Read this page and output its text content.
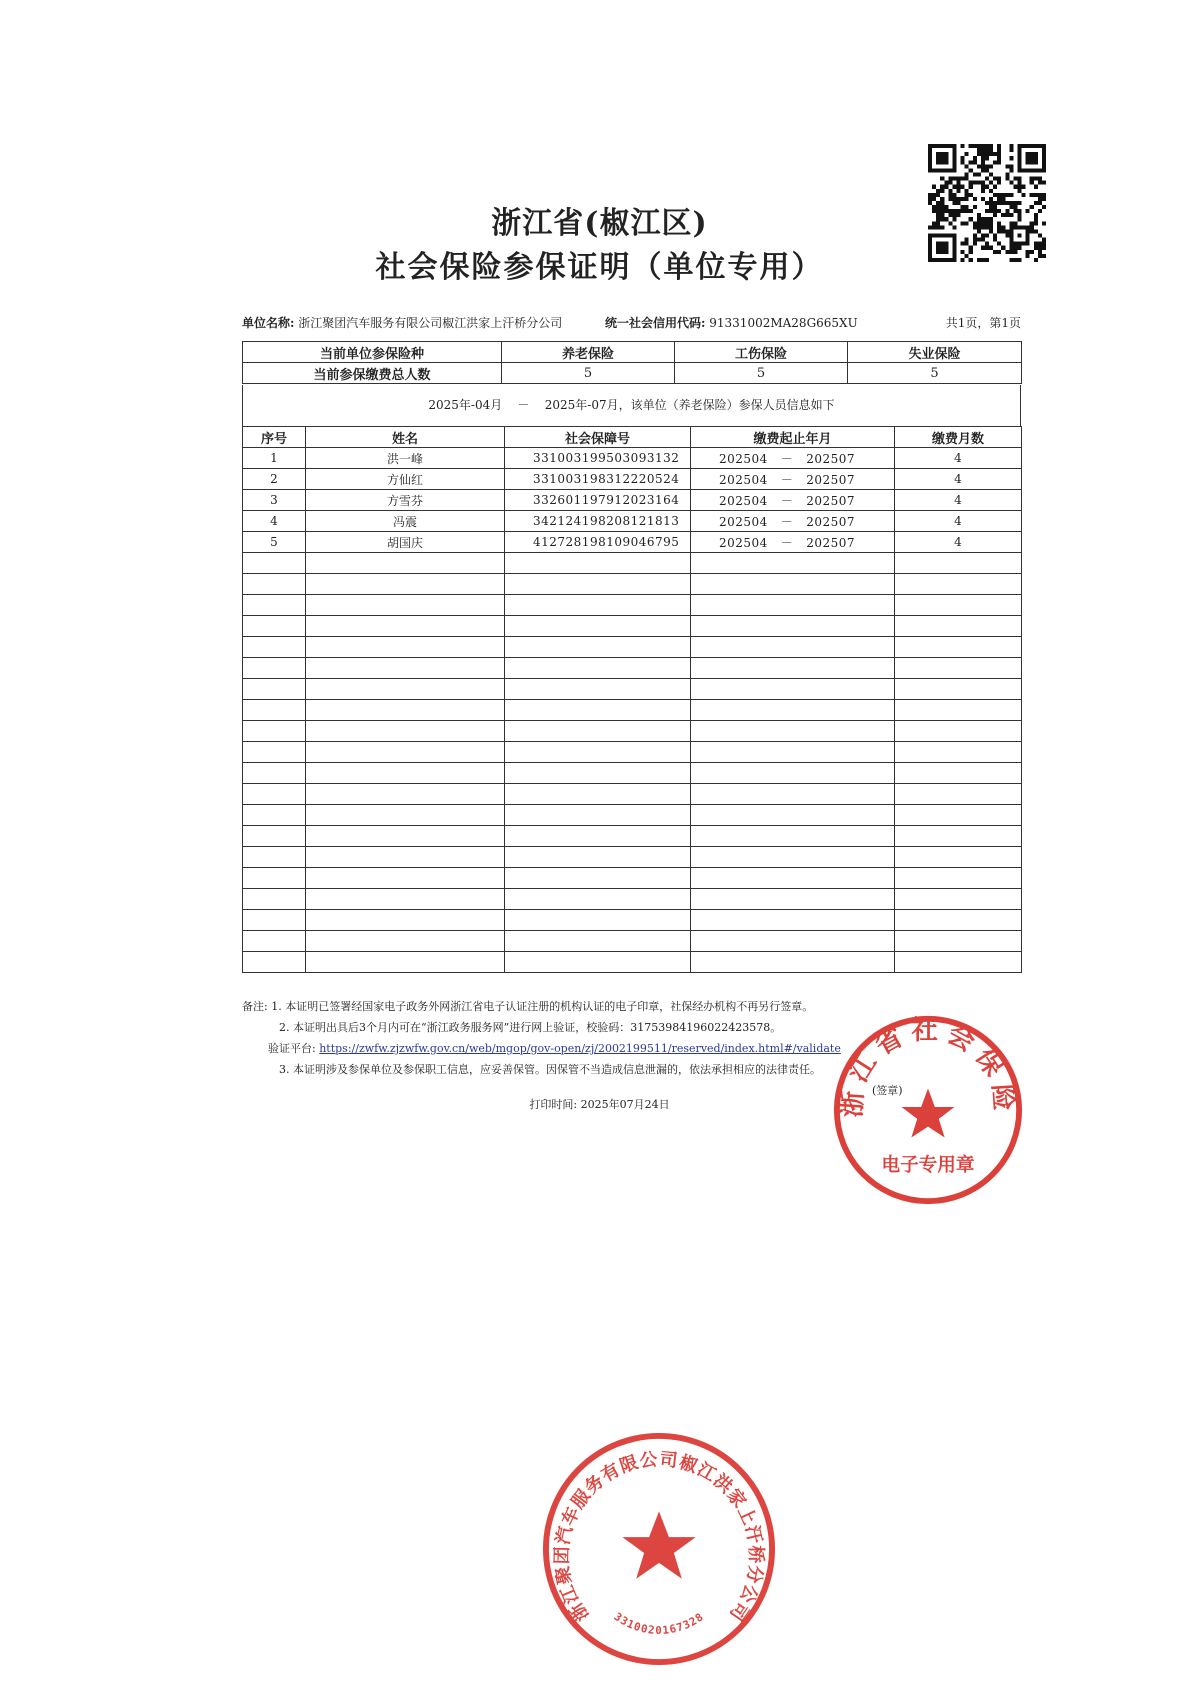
浙江省(椒江区)
社会保险参保证明（单位专用）
单位名称: 浙江聚团汽车服务有限公司椒江洪家上汗桥分公司	统一社会信用代码: 91331002MA28G665XU	共1页，第1页
当前单位参保险种	养老保险	工伤保险	失业保险
当前参保缴费总人数	5	5	5
2025年-04月 － 2025年-07月，该单位（养老保险）参保人员信息如下
序号	姓名	社会保障号	缴费起止年月	缴费月数
1	洪一峰	331003199503093132	202504 － 202507	4
2	方仙红	331003198312220524	202504 － 202507	4
3	方雪芬	332601197912023164	202504 － 202507	4
4	冯震	342124198208121813	202504 － 202507	4
5	胡国庆	412728198109046795	202504 － 202507	4

备注: 1. 本证明已签署经国家电子政务外网浙江省电子认证注册的机构认证的电子印章，社保经办机构不再另行签章。
2. 本证明出具后3个月内可在“浙江政务服务网”进行网上验证，校验码：31753984196022423578。
验证平台: https://zwfw.zjzwfw.gov.cn/web/mgop/gov-open/zj/2002199511/reserved/index.html#/validate
3. 本证明涉及参保单位及参保职工信息，应妥善保管。因保管不当造成信息泄漏的，依法承担相应的法律责任。
(签章)
打印时间: 2025年07月24日	浙江省社会保险
电子专用章
浙江聚团汽车服务有限公司椒江洪家上汗桥分公司
3310020167328
